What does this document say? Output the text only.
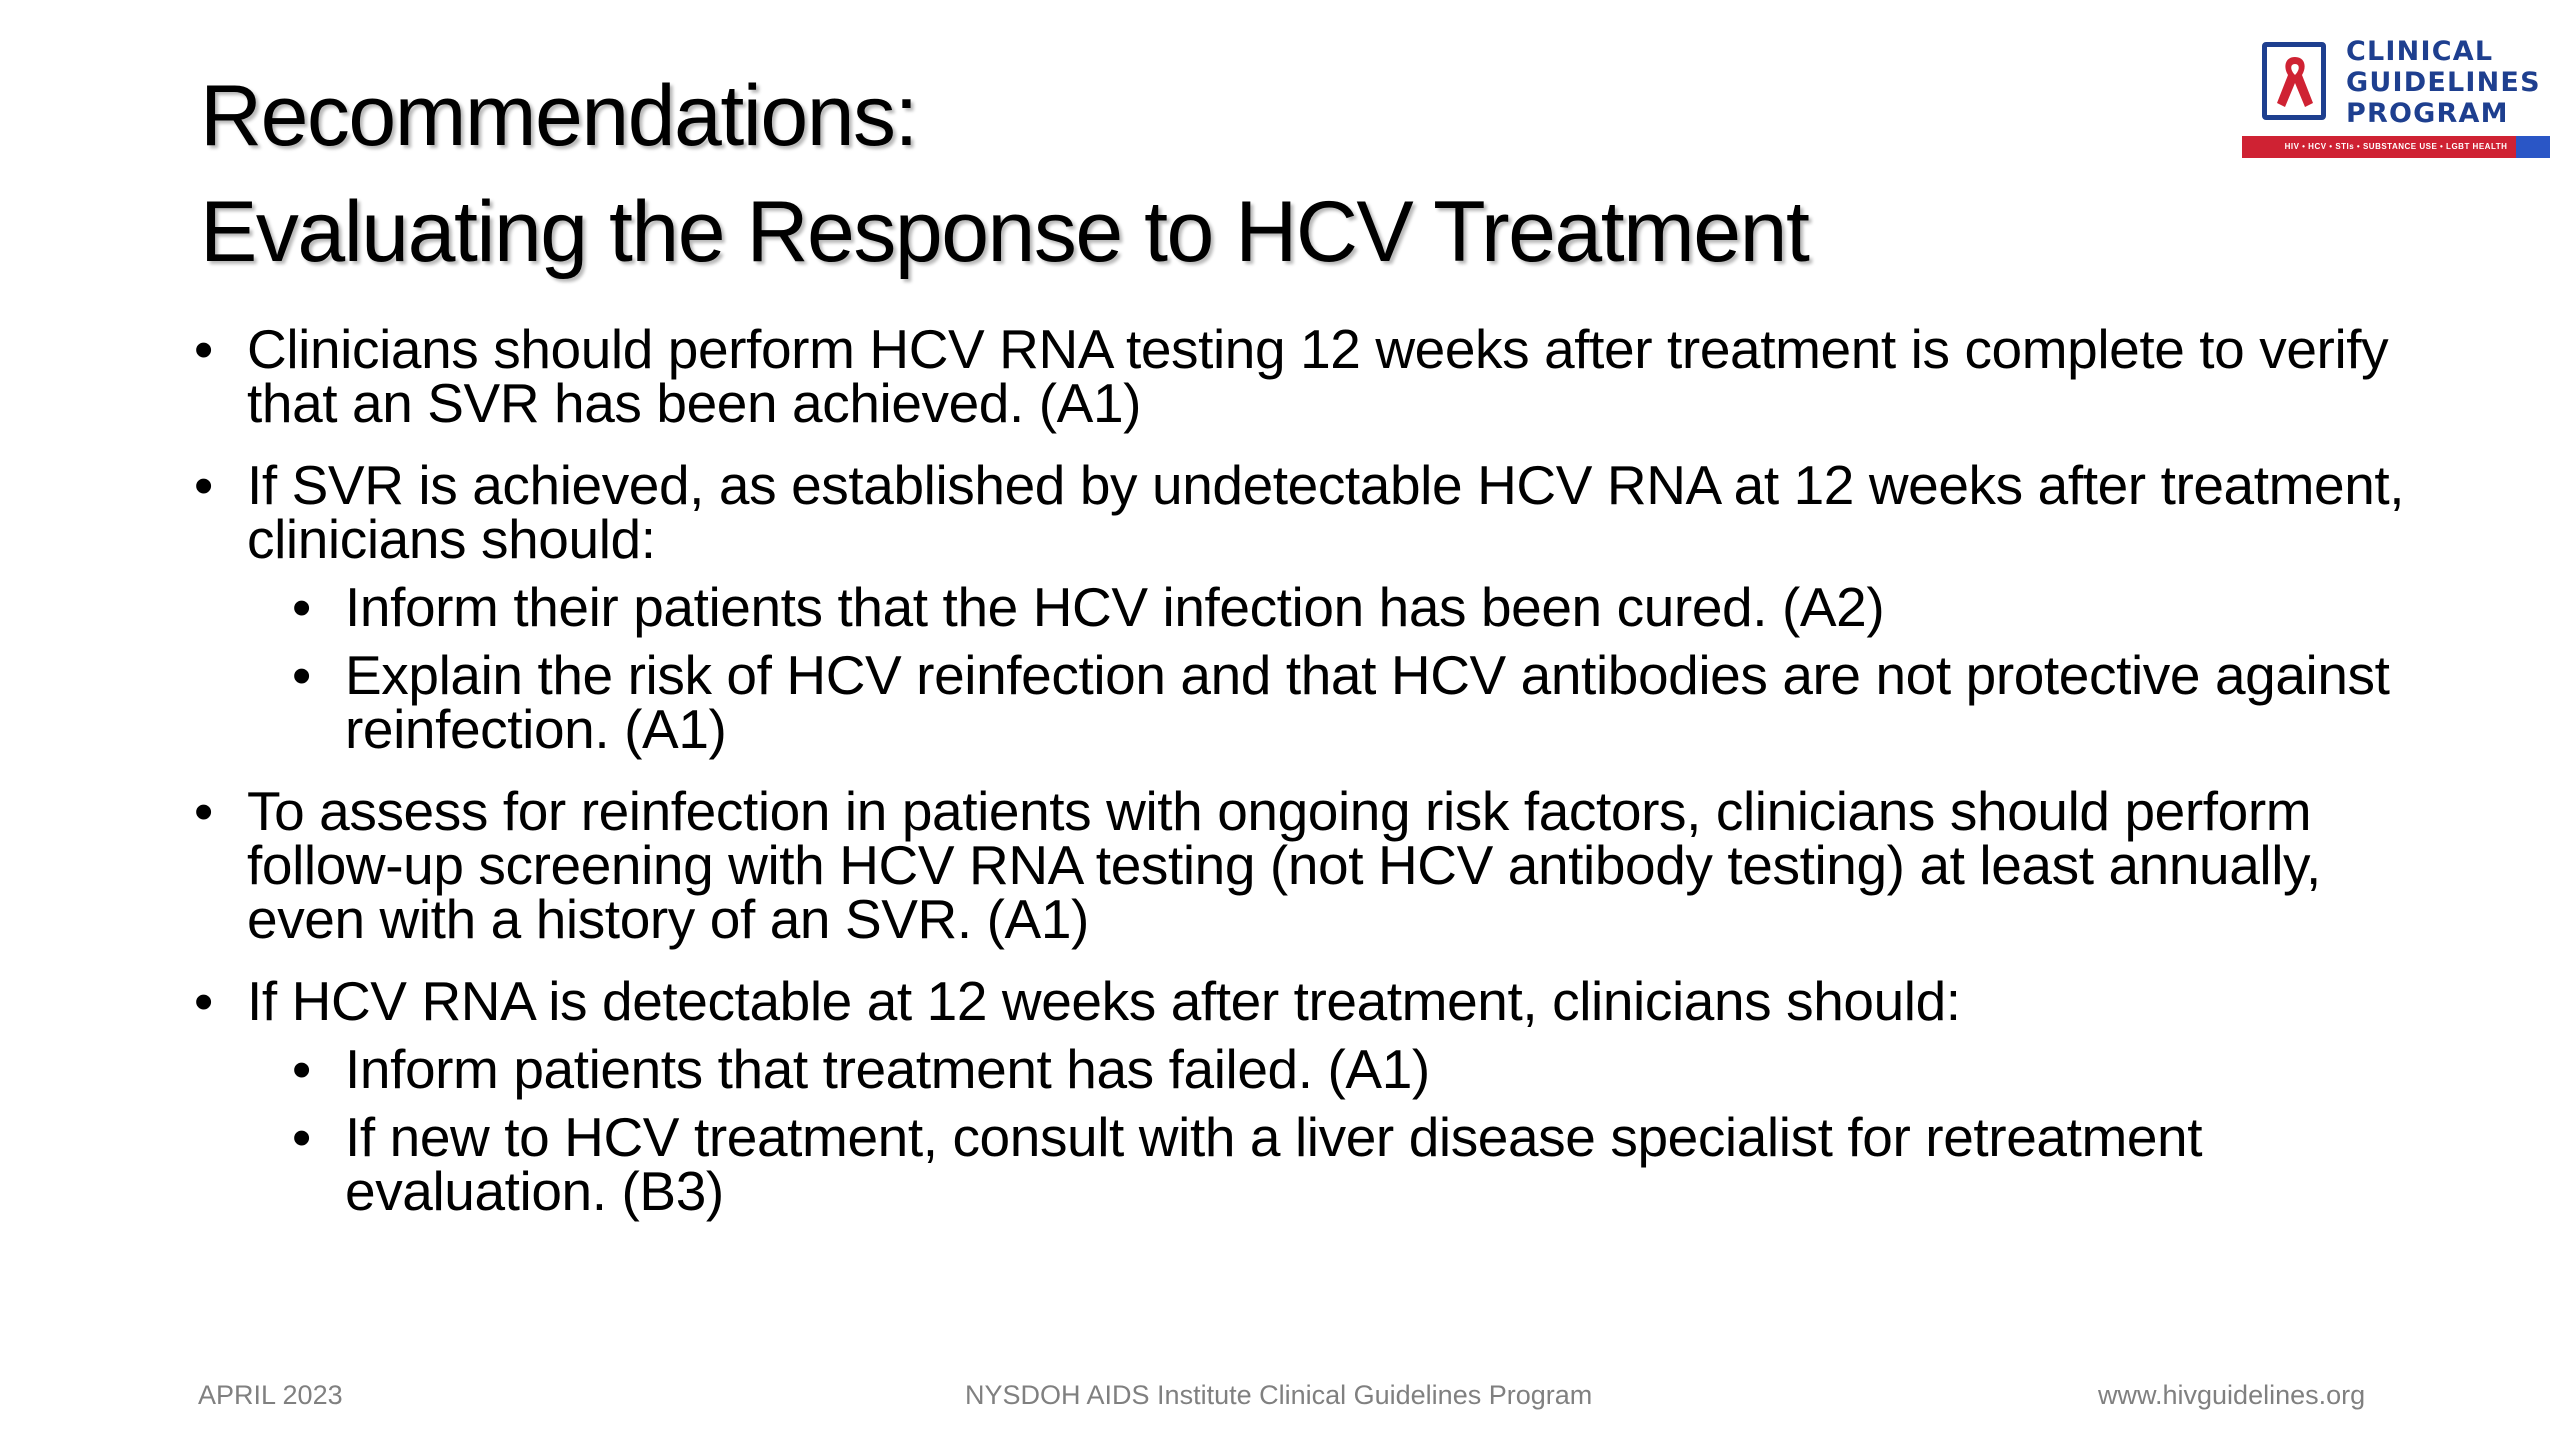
Recommendations:
Evaluating the Response to HCV Treatment
CLINICAL
GUIDELINES
PROGRAM
HIV • HCV • STIs • SUBSTANCE USE • LGBT HEALTH
• Clinicians should perform HCV RNA testing 12 weeks after treatment is complete to verify that an SVR has been achieved. (A1)
• If SVR is achieved, as established by undetectable HCV RNA at 12 weeks after treatment, clinicians should:
• Inform their patients that the HCV infection has been cured. (A2)
• Explain the risk of HCV reinfection and that HCV antibodies are not protective against reinfection. (A1)
• To assess for reinfection in patients with ongoing risk factors, clinicians should perform follow-up screening with HCV RNA testing (not HCV antibody testing) at least annually, even with a history of an SVR. (A1)
• If HCV RNA is detectable at 12 weeks after treatment, clinicians should:
• Inform patients that treatment has failed. (A1)
• If new to HCV treatment, consult with a liver disease specialist for retreatment evaluation. (B3)
APRIL 2023	NYSDOH AIDS Institute Clinical Guidelines Program	www.hivguidelines.org
